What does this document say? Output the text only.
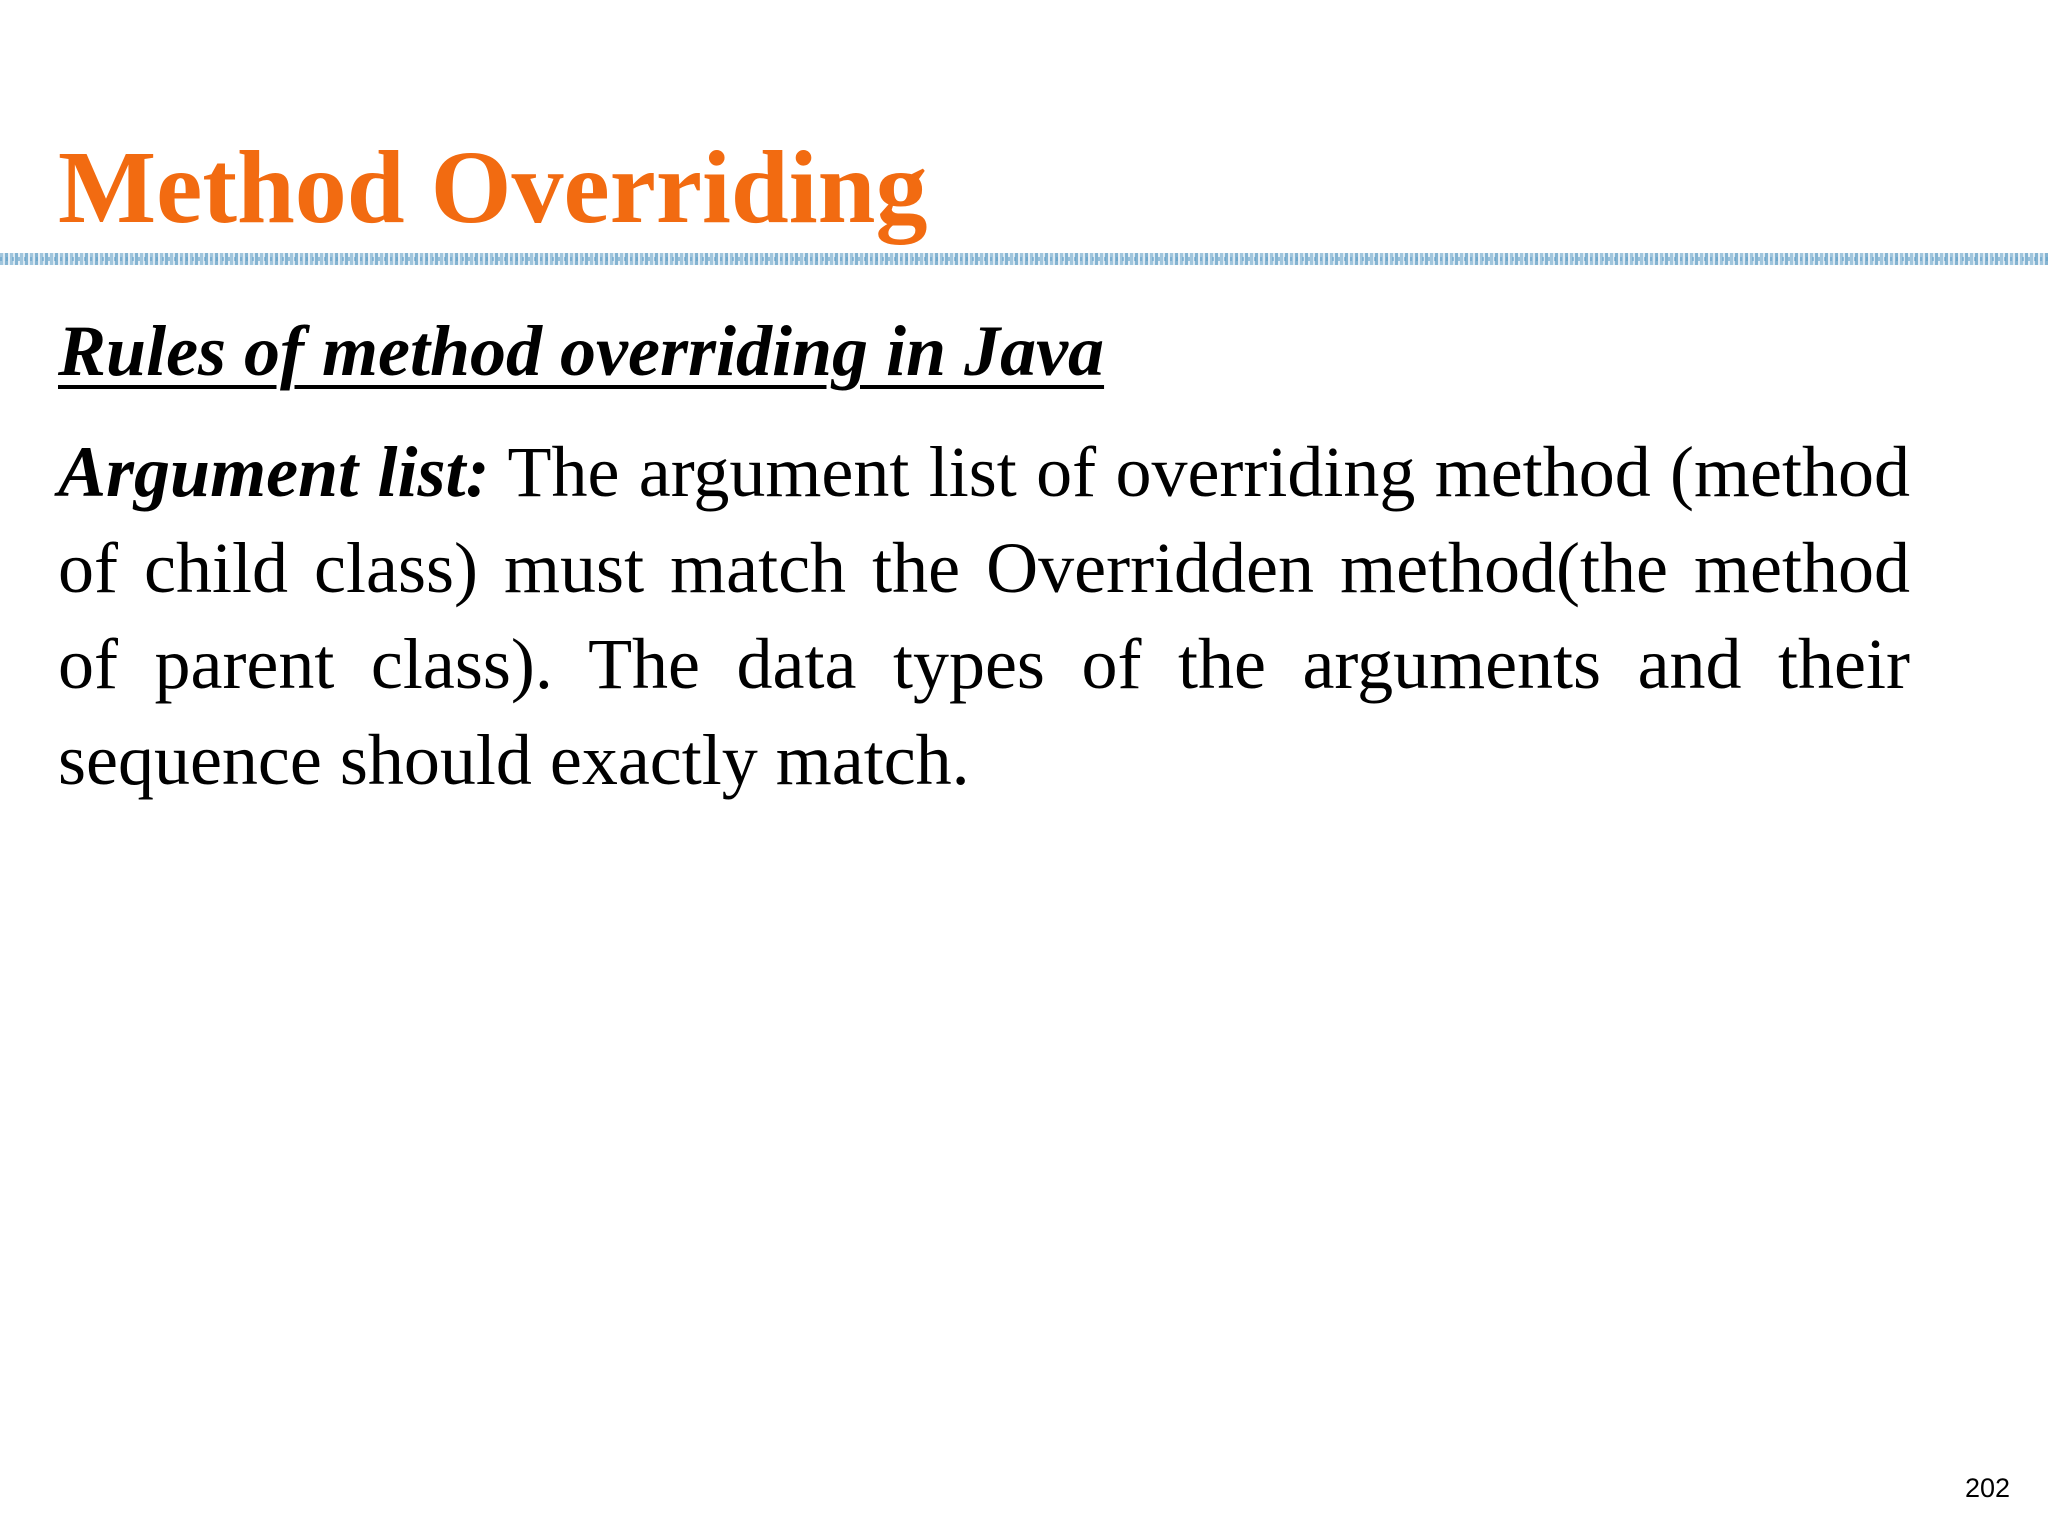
Method Overriding
Rules of method overriding in Java

Argument list: The argument list of overriding method (method of child class) must match the Overridden method(the method of parent class). The data types of the arguments and their sequence should exactly match.

202
